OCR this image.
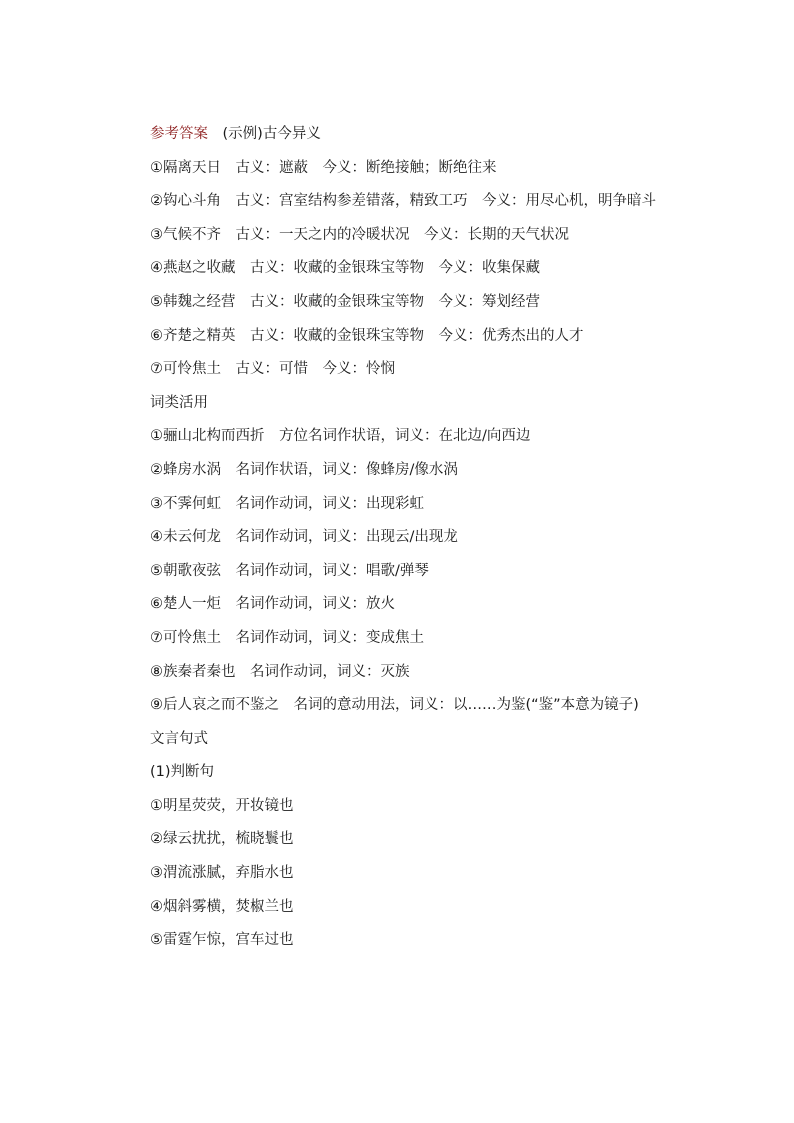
参考答案　(示例)古今异义

①隔离天日　古义：遮蔽　今义：断绝接触；断绝往来

②钩心斗角　古义：宫室结构参差错落，精致工巧　今义：用尽心机，明争暗斗

③气候不齐　古义：一天之内的冷暖状况　今义：长期的天气状况

④燕赵之收藏　古义：收藏的金银珠宝等物　今义：收集保藏

⑤韩魏之经营　古义：收藏的金银珠宝等物　今义：筹划经营

⑥齐楚之精英　古义：收藏的金银珠宝等物　今义：优秀杰出的人才

⑦可怜焦土　古义：可惜　今义：怜悯

词类活用

①骊山北构而西折　方位名词作状语，词义：在北边/向西边

②蜂房水涡　名词作状语，词义：像蜂房/像水涡

③不霁何虹　名词作动词，词义：出现彩虹

④未云何龙　名词作动词，词义：出现云/出现龙

⑤朝歌夜弦　名词作动词，词义：唱歌/弹琴

⑥楚人一炬　名词作动词，词义：放火

⑦可怜焦土　名词作动词，词义：变成焦土

⑧族秦者秦也　名词作动词，词义：灭族

⑨后人哀之而不鉴之　名词的意动用法，词义：以……为鉴(“鉴”本意为镜子)

文言句式

(1)判断句

①明星荧荧，开妆镜也

②绿云扰扰，梳晓鬟也

③渭流涨腻，弃脂水也

④烟斜雾横，焚椒兰也

⑤雷霆乍惊，宫车过也
